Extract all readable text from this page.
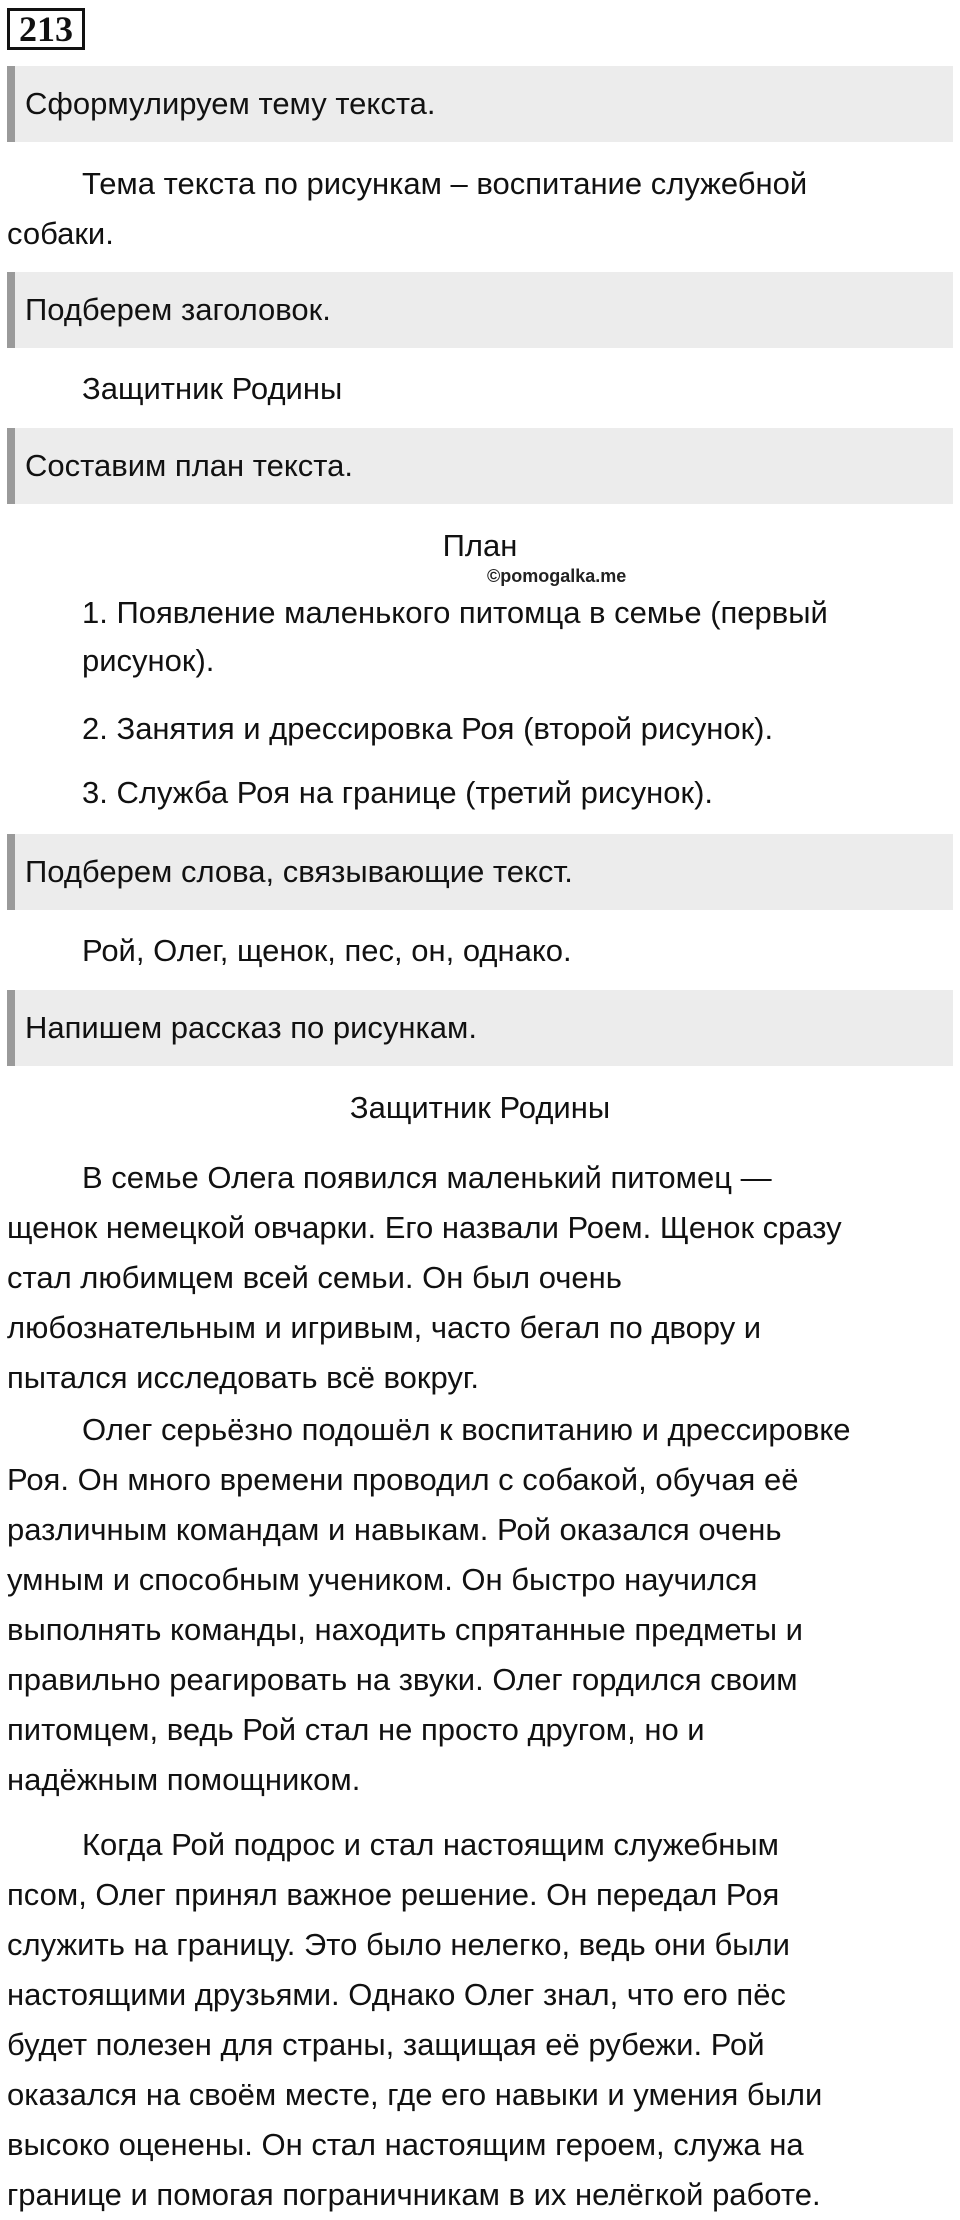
213
Сформулируем тему текста.
Тема текста по рисункам – воспитание служебной
собаки.
Подберем заголовок.
Защитник Родины
Составим план текста.
План
©pomogalka.me
1. Появление маленького питомца в семье (первый
рисунок).
2. Занятия и дрессировка Роя (второй рисунок).
3. Служба Роя на границе (третий рисунок).
Подберем слова, связывающие текст.
Рой, Олег, щенок, пес, он, однако.
Напишем рассказ по рисункам.
Защитник Родины
В семье Олега появился маленький питомец —
щенок немецкой овчарки. Его назвали Роем. Щенок сразу
стал любимцем всей семьи. Он был очень
любознательным и игривым, часто бегал по двору и
пытался исследовать всё вокруг.
Олег серьёзно подошёл к воспитанию и дрессировке
Роя. Он много времени проводил с собакой, обучая её
различным командам и навыкам. Рой оказался очень
умным и способным учеником. Он быстро научился
выполнять команды, находить спрятанные предметы и
правильно реагировать на звуки. Олег гордился своим
питомцем, ведь Рой стал не просто другом, но и
надёжным помощником.
Когда Рой подрос и стал настоящим служебным
псом, Олег принял важное решение. Он передал Роя
служить на границу. Это было нелегко, ведь они были
настоящими друзьями. Однако Олег знал, что его пёс
будет полезен для страны, защищая её рубежи. Рой
оказался на своём месте, где его навыки и умения были
высоко оценены. Он стал настоящим героем, служа на
границе и помогая пограничникам в их нелёгкой работе.
